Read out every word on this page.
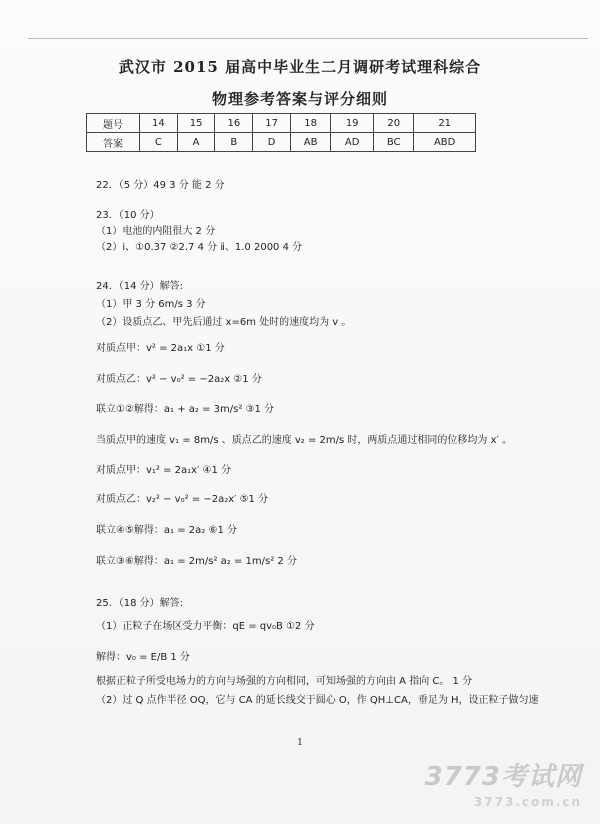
武汉市 2015 届高中毕业生二月调研考试理科综合
物理参考答案与评分细则
题号	14	15	16	17	18	19	20	21
答案	C	A	B	D	AB	AD	BC	ABD
22．（5 分）49 3 分 能 2 分
23．（10 分）
（1）电池的内阻很大 2 分
（2）ⅰ、①0.37 ②2.7 4 分 ⅱ、1.0 2000 4 分
24．（14 分）解答:
（1）甲 3 分 6m/s 3 分
（2）设质点乙、甲先后通过 x=6m 处时的速度均为 v 。
对质点甲：v² = 2a₁x ①1 分
对质点乙：v² − v₀² = −2a₂x ②1 分
联立①②解得：a₁ + a₂ = 3m/s² ③1 分
当质点甲的速度 v₁ = 8m/s 、质点乙的速度 v₂ = 2m/s 时，两质点通过相同的位移均为 x′ 。
对质点甲：v₁² = 2a₁x′ ④1 分
对质点乙：v₂² − v₀² = −2a₂x′ ⑤1 分
联立④⑤解得：a₁ = 2a₂ ⑥1 分
联立③⑥解得：a₁ = 2m/s² a₂ = 1m/s² 2 分
25．（18 分）解答:
（1）正粒子在场区受力平衡：qE = qv₀B ①2 分
解得：v₀ = E/B 1 分
根据正粒子所受电场力的方向与场强的方向相同，可知场强的方向由 A 指向 C。 1 分
（2）过 Q 点作半径 OQ，它与 CA 的延长线交于圆心 O，作 QH⊥CA，垂足为 H，设正粒子做匀速
1
3773考试网
3773.com.cn
